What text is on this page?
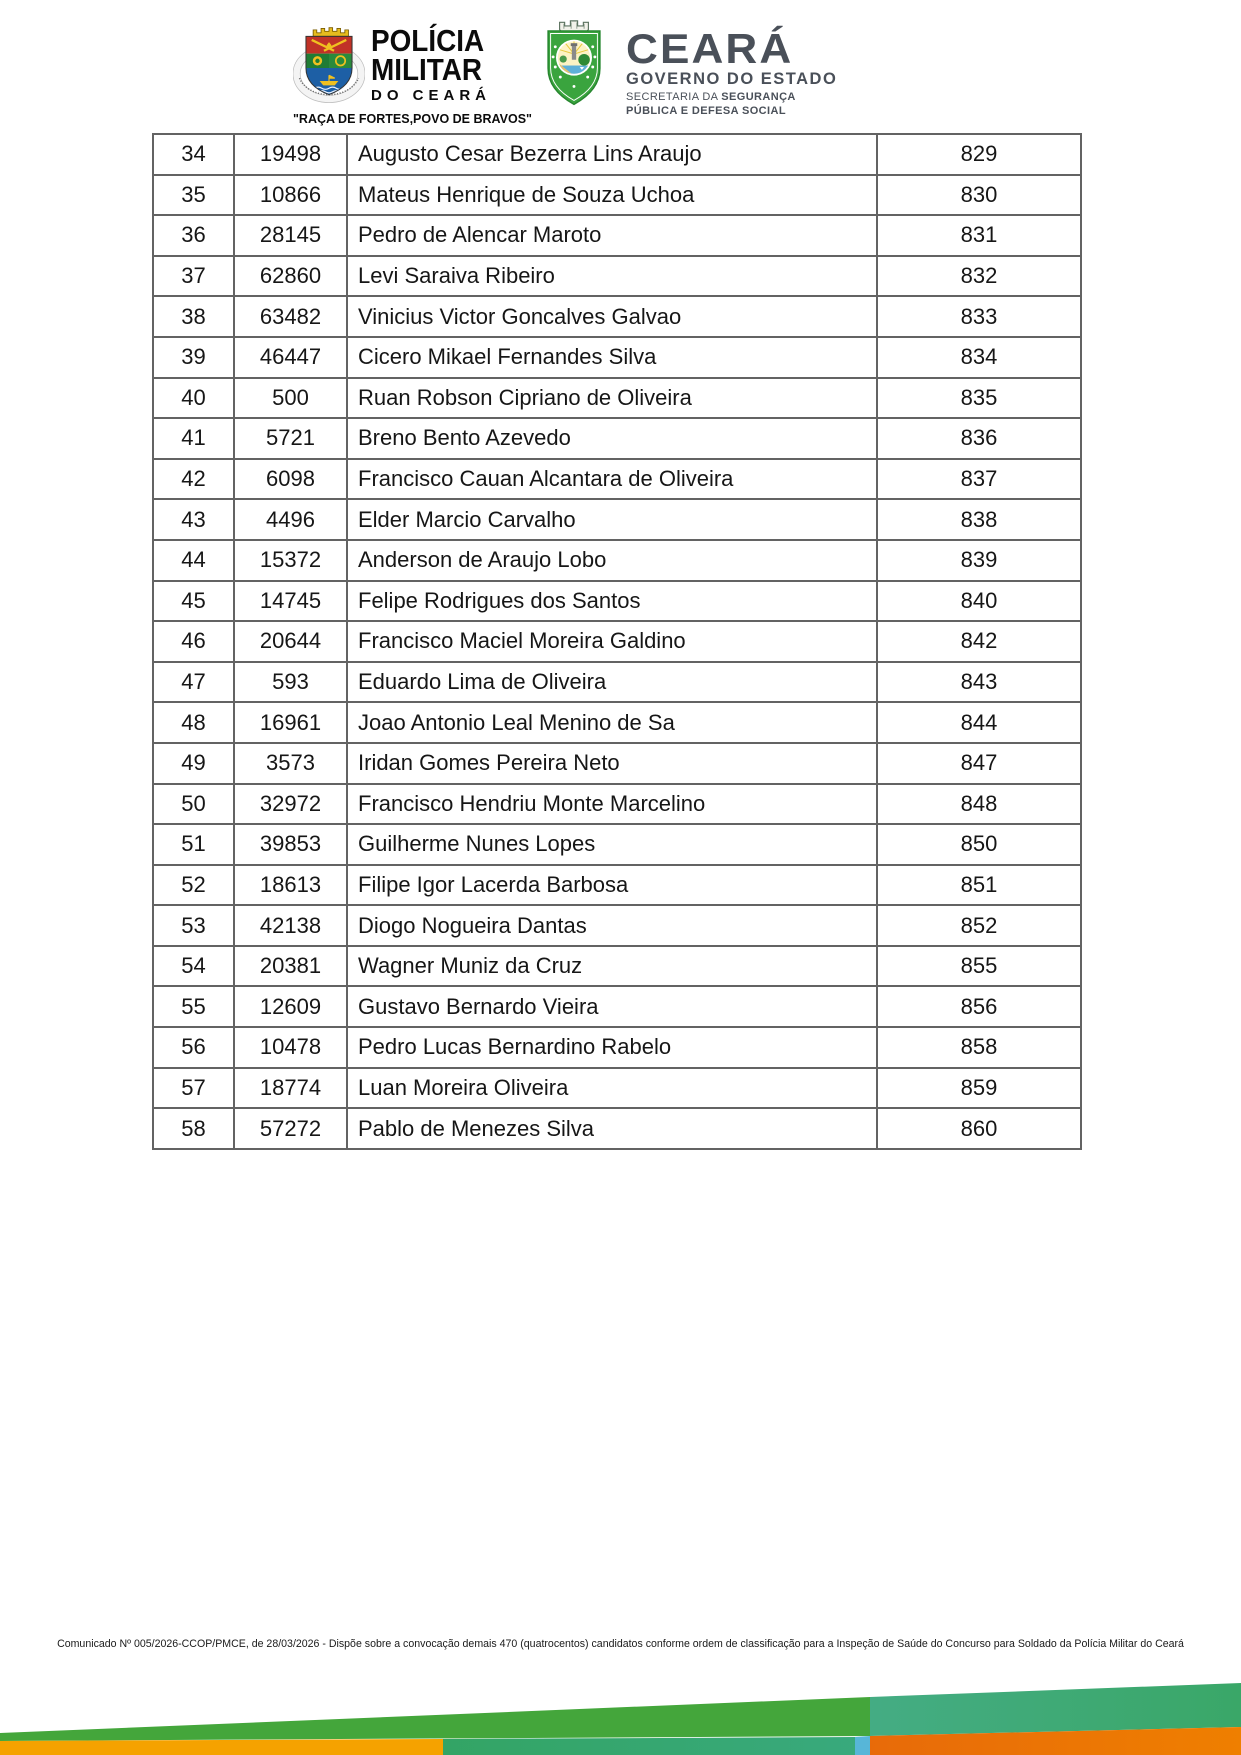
POLÍCIA
MILITAR
DO CEARÁ
"RAÇA DE FORTES,POVO DE BRAVOS"
CEARÁ
GOVERNO DO ESTADO
SECRETARIA DA SEGURANÇA
PÚBLICA E DEFESA SOCIAL
34	19498	Augusto Cesar Bezerra Lins Araujo	829
35	10866	Mateus Henrique de Souza Uchoa	830
36	28145	Pedro de Alencar Maroto	831
37	62860	Levi Saraiva Ribeiro	832
38	63482	Vinicius Victor Goncalves Galvao	833
39	46447	Cicero Mikael Fernandes Silva	834
40	500	Ruan Robson Cipriano de Oliveira	835
41	5721	Breno Bento Azevedo	836
42	6098	Francisco Cauan Alcantara de Oliveira	837
43	4496	Elder Marcio Carvalho	838
44	15372	Anderson de Araujo Lobo	839
45	14745	Felipe Rodrigues dos Santos	840
46	20644	Francisco Maciel Moreira Galdino	842
47	593	Eduardo Lima de Oliveira	843
48	16961	Joao Antonio Leal Menino de Sa	844
49	3573	Iridan Gomes Pereira Neto	847
50	32972	Francisco Hendriu Monte Marcelino	848
51	39853	Guilherme Nunes Lopes	850
52	18613	Filipe Igor Lacerda Barbosa	851
53	42138	Diogo Nogueira Dantas	852
54	20381	Wagner Muniz da Cruz	855
55	12609	Gustavo Bernardo Vieira	856
56	10478	Pedro Lucas Bernardino Rabelo	858
57	18774	Luan Moreira Oliveira	859
58	57272	Pablo de Menezes Silva	860
Comunicado Nº 005/2026-CCOP/PMCE, de 28/03/2026 - Dispõe sobre a convocação demais 470 (quatrocentos) candidatos conforme ordem de classificação para a Inspeção de Saúde do Concurso para Soldado da Polícia Militar do Ceará
